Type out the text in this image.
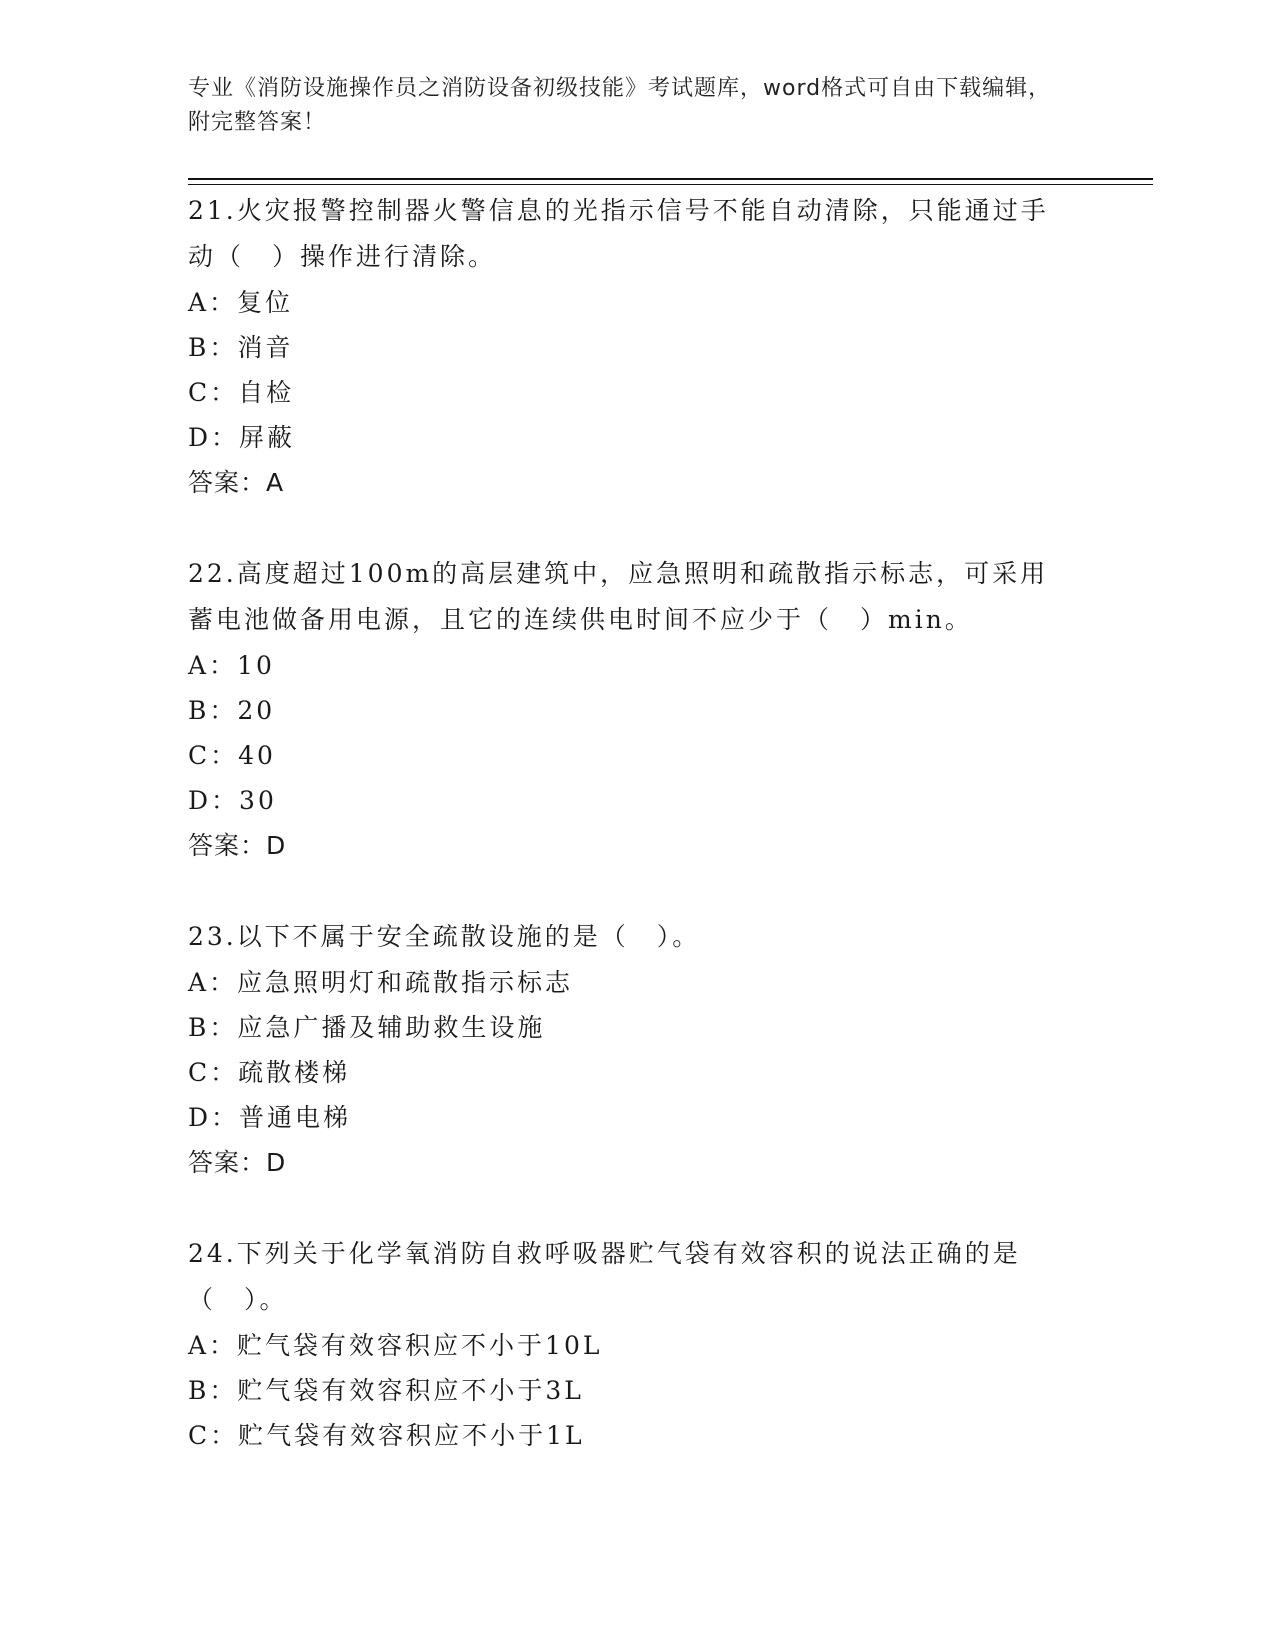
专业《消防设施操作员之消防设备初级技能》考试题库，word格式可自由下载编辑，附完整答案！

21.火灾报警控制器火警信息的光指示信号不能自动清除，只能通过手动（　）操作进行清除。

A：复位

B：消音

C：自检

D：屏蔽

答案：A

22.高度超过100m的高层建筑中，应急照明和疏散指示标志，可采用蓄电池做备用电源，且它的连续供电时间不应少于（　）min。

A：10

B：20

C：40

D：30

答案：D

23.以下不属于安全疏散设施的是（　）。

A：应急照明灯和疏散指示标志

B：应急广播及辅助救生设施

C：疏散楼梯

D：普通电梯

答案：D

24.下列关于化学氧消防自救呼吸器贮气袋有效容积的说法正确的是（　）。

A：贮气袋有效容积应不小于10L

B：贮气袋有效容积应不小于3L

C：贮气袋有效容积应不小于1L
